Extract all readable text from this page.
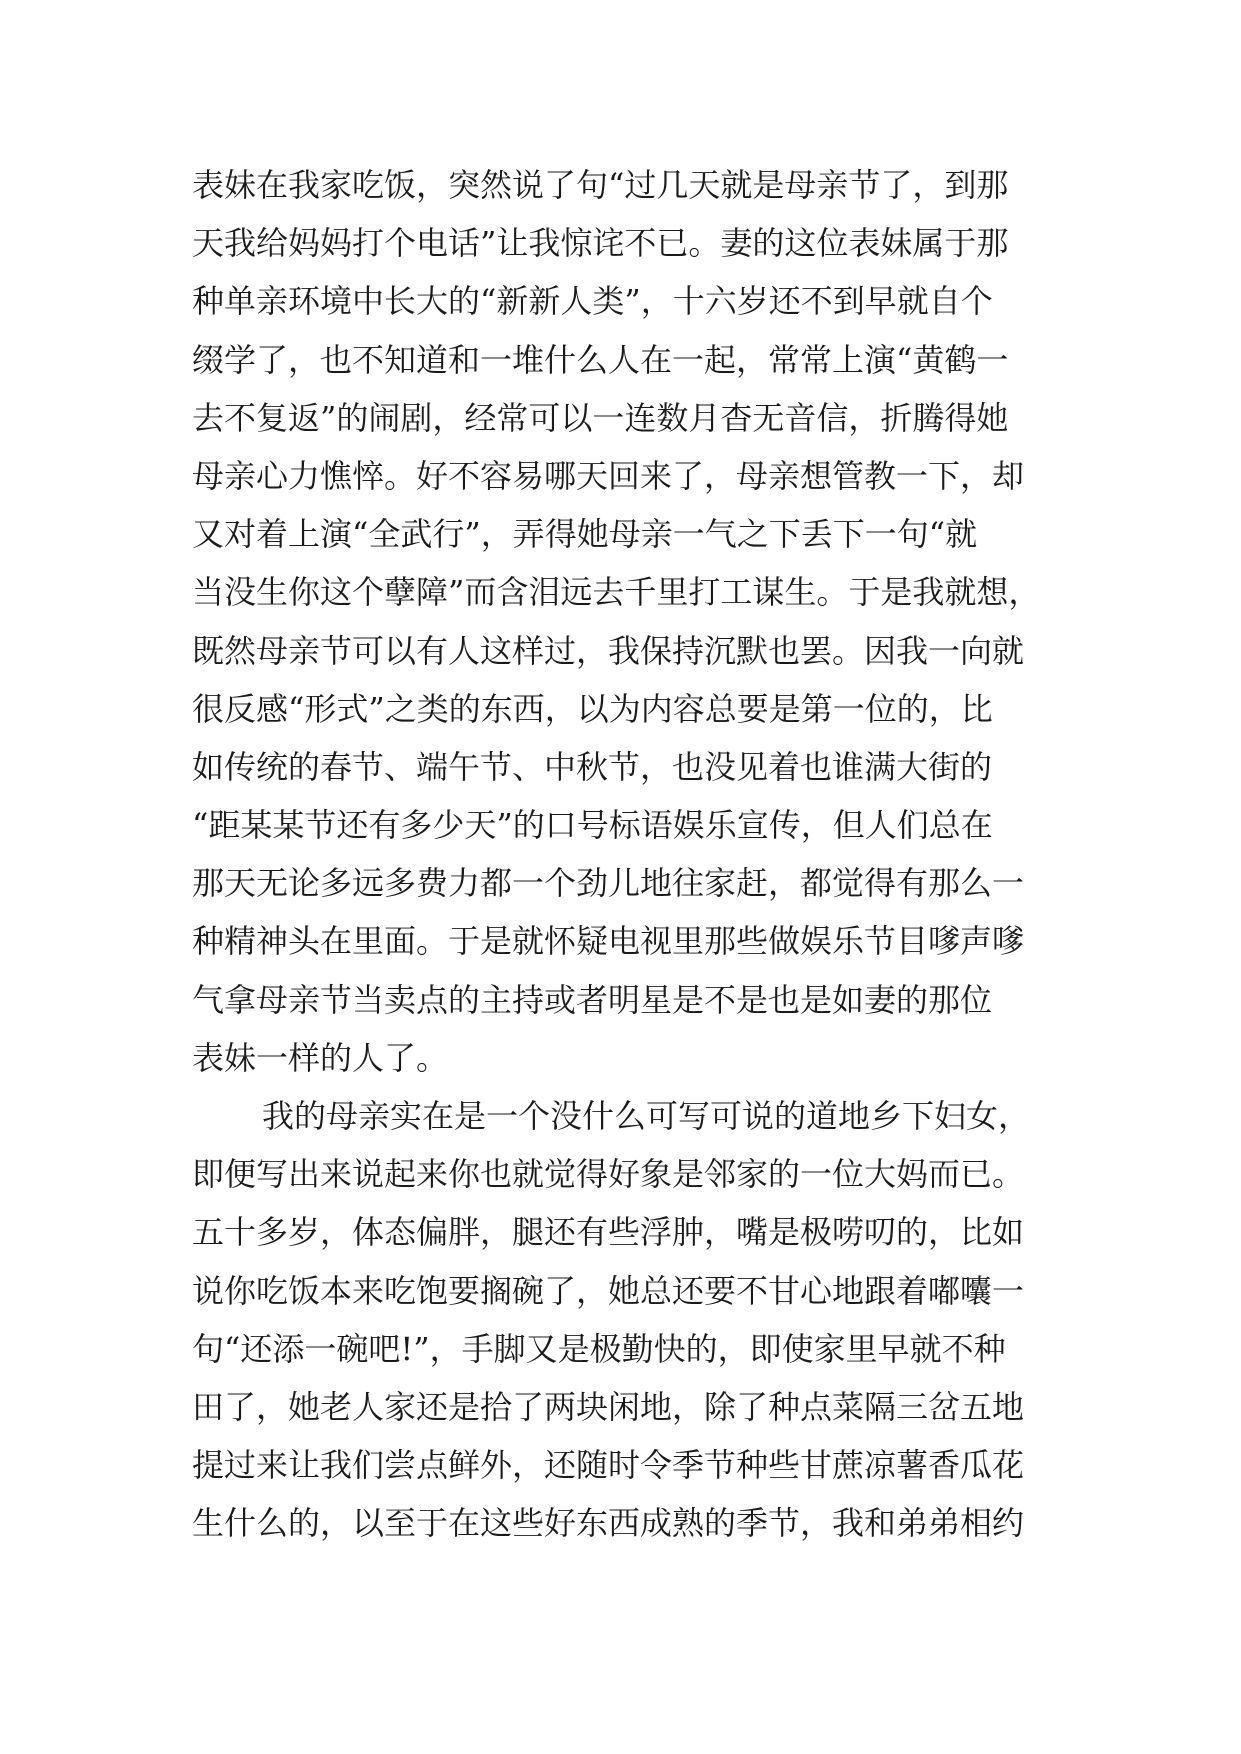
表妹在我家吃饭，突然说了句“过几天就是母亲节了，到那
天我给妈妈打个电话”让我惊诧不已。妻的这位表妹属于那
种单亲环境中长大的“新新人类”，十六岁还不到早就自个
缀学了，也不知道和一堆什么人在一起，常常上演“黄鹤一
去不复返”的闹剧，经常可以一连数月杳无音信，折腾得她
母亲心力憔悴。好不容易哪天回来了，母亲想管教一下，却
又对着上演“全武行”，弄得她母亲一气之下丢下一句“就
当没生你这个孽障”而含泪远去千里打工谋生。于是我就想，
既然母亲节可以有人这样过，我保持沉默也罢。因我一向就
很反感“形式”之类的东西，以为内容总要是第一位的，比
如传统的春节、端午节、中秋节，也没见着也谁满大街的
“距某某节还有多少天”的口号标语娱乐宣传，但人们总在
那天无论多远多费力都一个劲儿地往家赶，都觉得有那么一
种精神头在里面。于是就怀疑电视里那些做娱乐节目嗲声嗲
气拿母亲节当卖点的主持或者明星是不是也是如妻的那位
表妹一样的人了。
我的母亲实在是一个没什么可写可说的道地乡下妇女，
即便写出来说起来你也就觉得好象是邻家的一位大妈而已。
五十多岁，体态偏胖，腿还有些浮肿，嘴是极唠叨的，比如
说你吃饭本来吃饱要搁碗了，她总还要不甘心地跟着嘟囔一
句“还添一碗吧!”，手脚又是极勤快的，即使家里早就不种
田了，她老人家还是拾了两块闲地，除了种点菜隔三岔五地
提过来让我们尝点鲜外，还随时令季节种些甘蔗凉薯香瓜花
生什么的，以至于在这些好东西成熟的季节，我和弟弟相约
